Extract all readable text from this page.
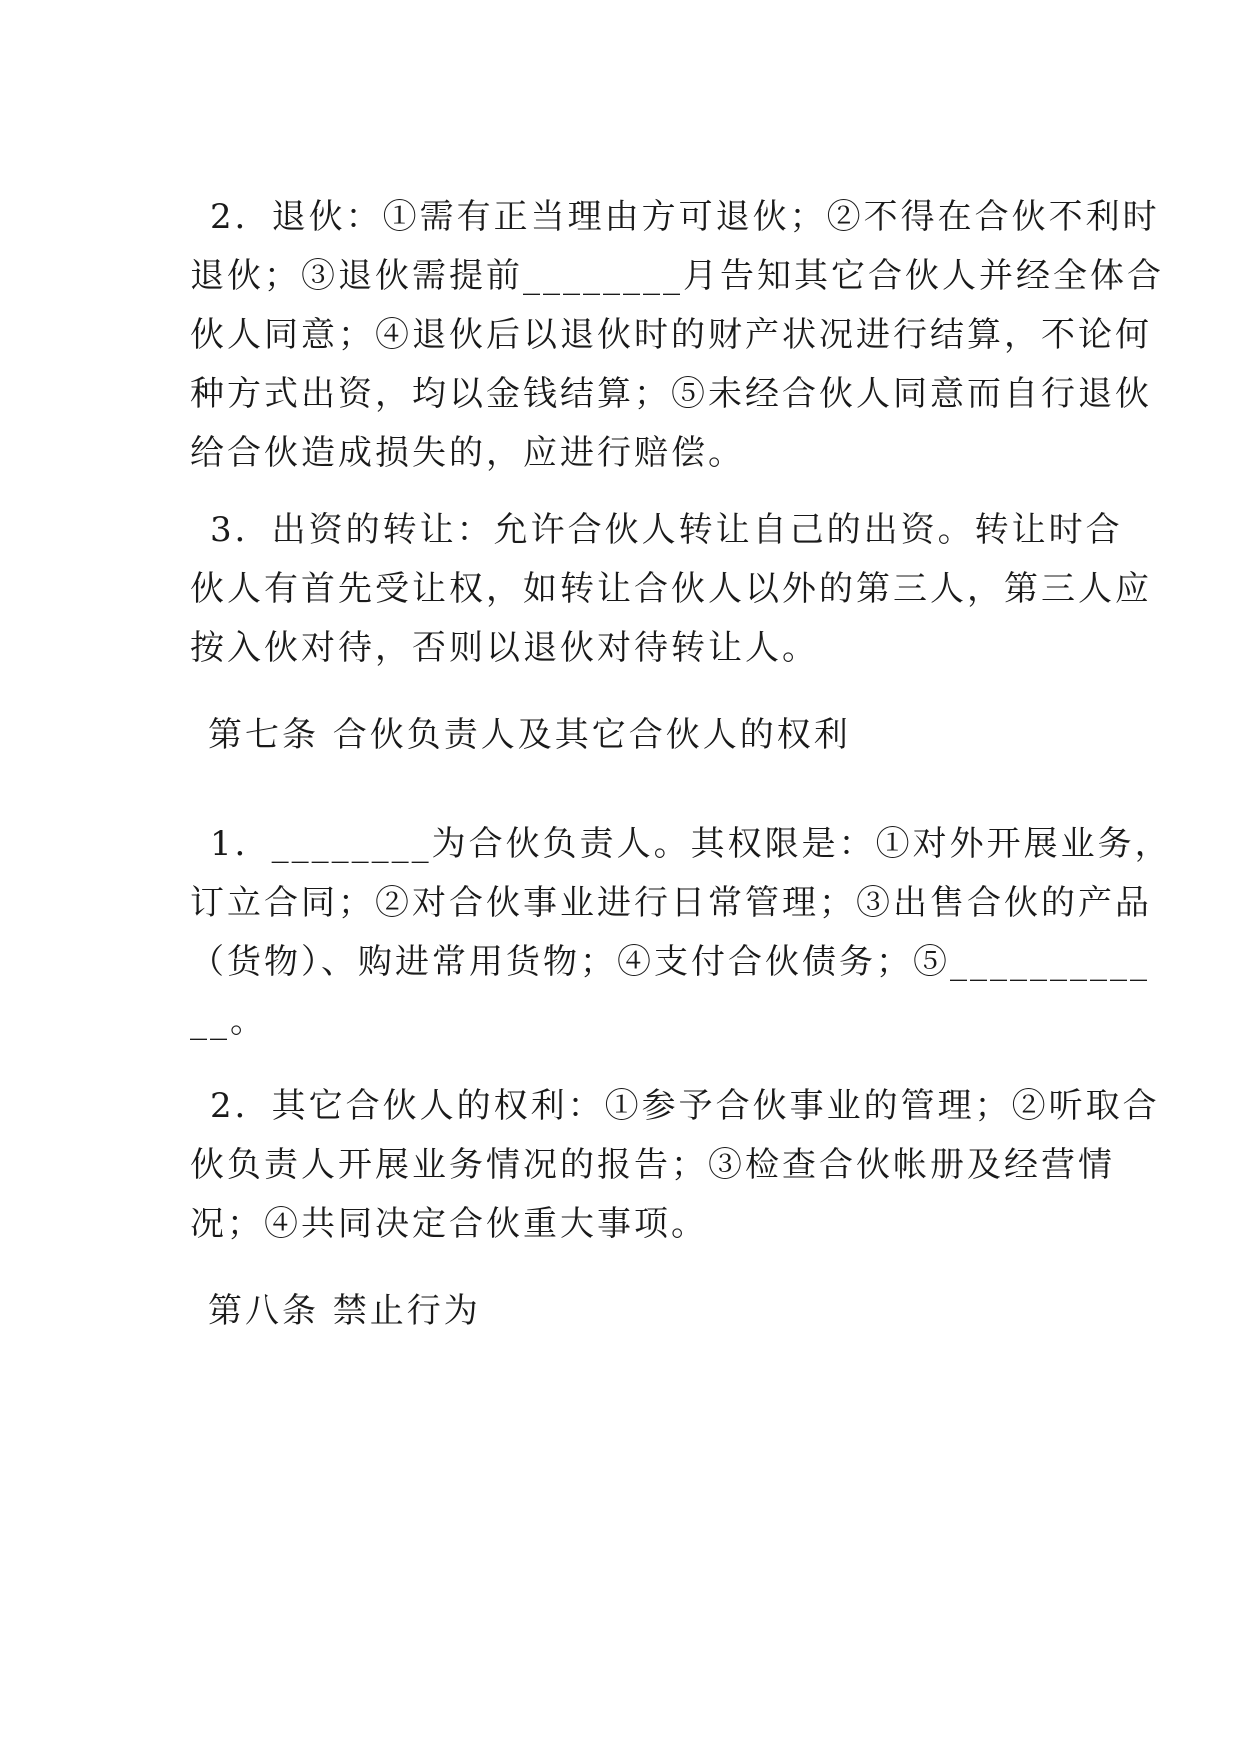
2．退伙：①需有正当理由方可退伙；②不得在合伙不利时
退伙；③退伙需提前________月告知其它合伙人并经全体合
伙人同意；④退伙后以退伙时的财产状况进行结算，不论何
种方式出资，均以金钱结算；⑤未经合伙人同意而自行退伙
给合伙造成损失的，应进行赔偿。

3．出资的转让：允许合伙人转让自己的出资。转让时合
伙人有首先受让权，如转让合伙人以外的第三人，第三人应
按入伙对待，否则以退伙对待转让人。

第七条 合伙负责人及其它合伙人的权利

1．________为合伙负责人。其权限是：①对外开展业务，
订立合同；②对合伙事业进行日常管理；③出售合伙的产品
（货物）、购进常用货物；④支付合伙债务；⑤__________
__。

2．其它合伙人的权利：①参予合伙事业的管理；②听取合
伙负责人开展业务情况的报告；③检查合伙帐册及经营情
况；④共同决定合伙重大事项。

第八条 禁止行为
